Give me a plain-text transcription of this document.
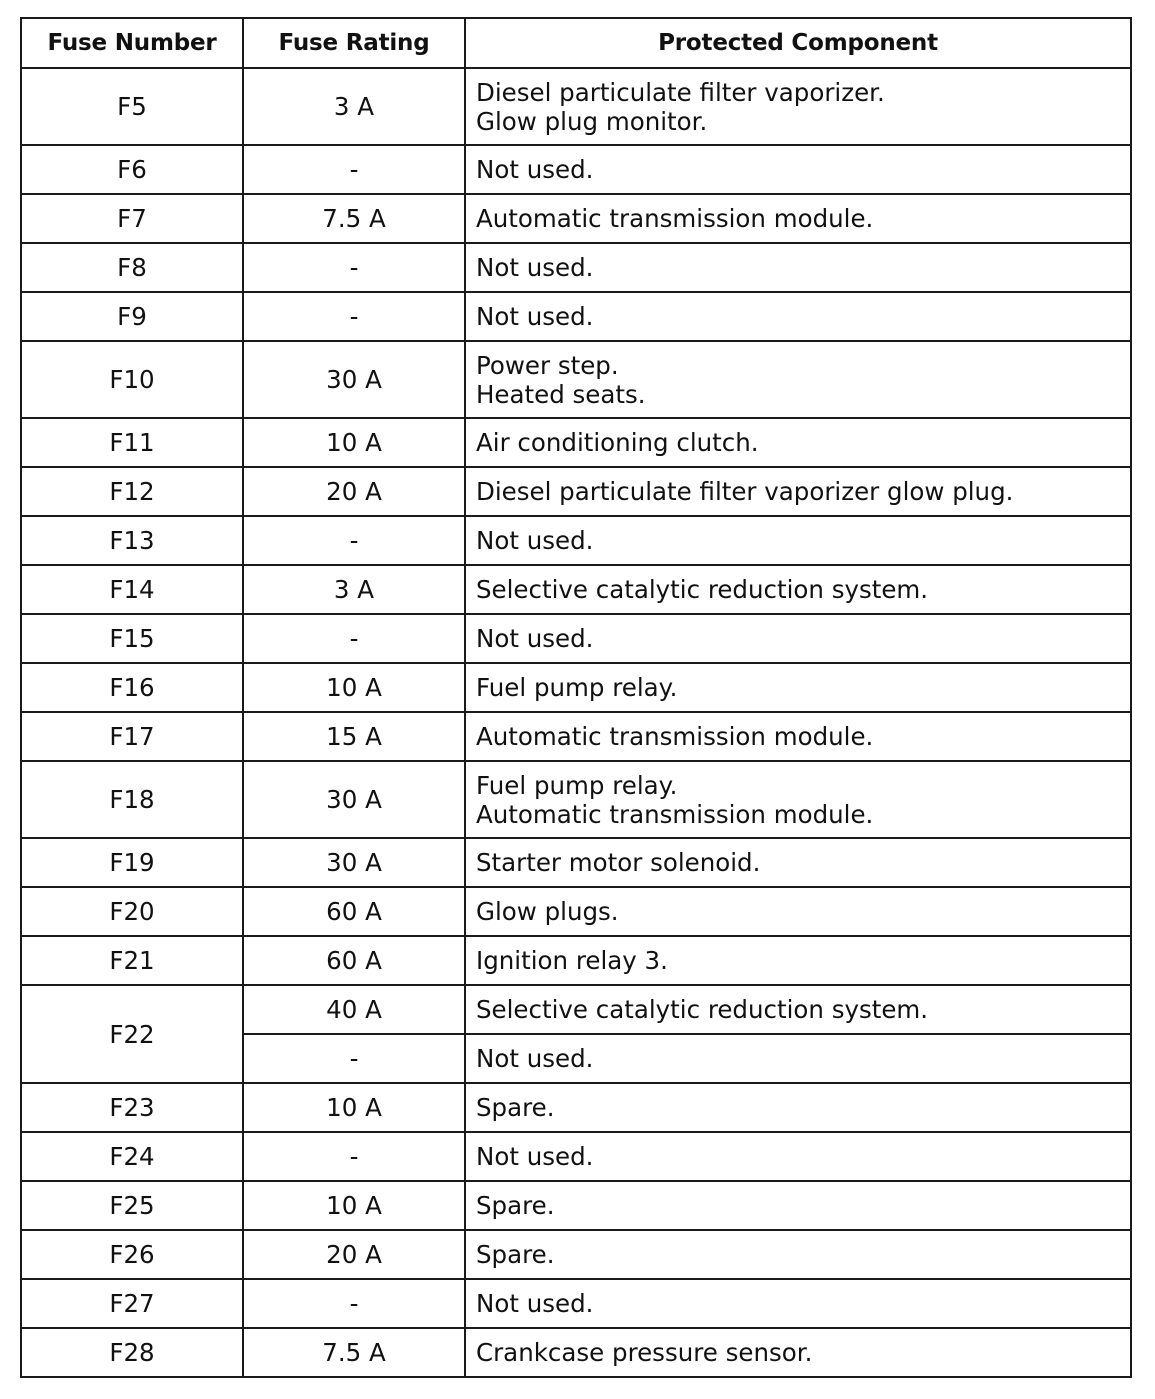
Fuse Number	Fuse Rating	Protected Component
F5	3 A	Diesel particulate filter vaporizer.
Glow plug monitor.

F6	-	Not used.

F7	7.5 A	Automatic transmission module.

F8	-	Not used.

F9	-	Not used.

F10	30 A	Power step.
Heated seats.

F11	10 A	Air conditioning clutch.

F12	20 A	Diesel particulate filter vaporizer glow plug.

F13	-	Not used.

F14	3 A	Selective catalytic reduction system.

F15	-	Not used.

F16	10 A	Fuel pump relay.

F17	15 A	Automatic transmission module.

F18	30 A	Fuel pump relay.
Automatic transmission module.

F19	30 A	Starter motor solenoid.

F20	60 A	Glow plugs.

F21	60 A	Ignition relay 3.

F22	40 A	Selective catalytic reduction system.

	-	Not used.

F23	10 A	Spare.

F24	-	Not used.

F25	10 A	Spare.

F26	20 A	Spare.

F27	-	Not used.

F28	7.5 A	Crankcase pressure sensor.
